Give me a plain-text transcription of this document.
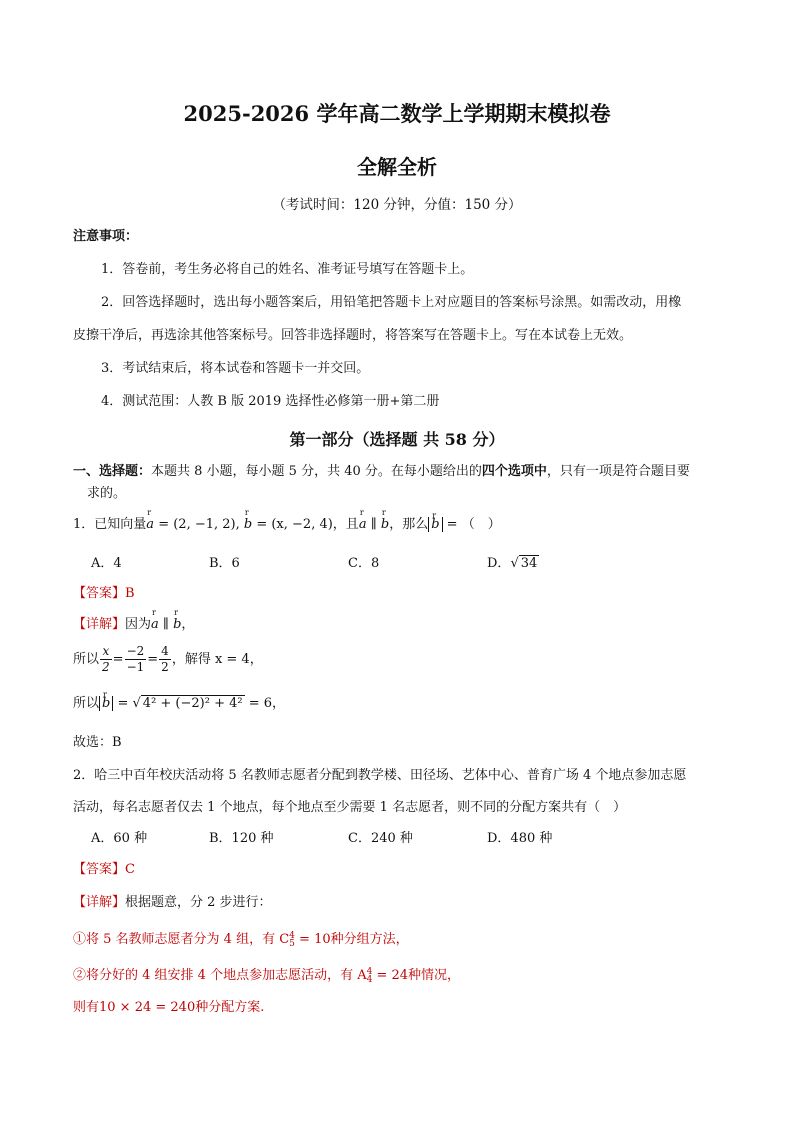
2025-2026 学年高二数学上学期期末模拟卷
全解全析
（考试时间：120 分钟，分值：150 分）
注意事项：
1．答卷前，考生务必将自己的姓名、准考证号填写在答题卡上。
2．回答选择题时，选出每小题答案后，用铅笔把答题卡上对应题目的答案标号涂黑。如需改动，用橡
皮擦干净后，再选涂其他答案标号。回答非选择题时，将答案写在答题卡上。写在本试卷上无效。
3．考试结束后，将本试卷和答题卡一并交回。
4．测试范围：人教 B 版 2019 选择性必修第一册+第二册
第一部分（选择题 共 58 分）
一、选择题：本题共 8 小题，每小题 5 分，共 40 分。在每小题给出的四个选项中，只有一项是符合题目要
求的。
1．已知向量r a = (2, −1, 2), r b = (x, −2, 4)，且r a ∥ r b，那么 r b = （　）
A．4	B．6	C．8	D．√ 34
【答案】B
【详解】因为r a ∥ r b，
所以 $\frac{x}{2} = \frac{-2}{-1} = \frac{4}{2}$ ，解得 x = 4，
所以 r b = √ 4² + (−2)² + 4² = 6，
故选：B
2．哈三中百年校庆活动将 5 名教师志愿者分配到教学楼、田径场、艺体中心、普育广场 4 个地点参加志愿
活动，每名志愿者仅去 1 个地点，每个地点至少需要 1 名志愿者，则不同的分配方案共有（　）
A．60 种	B．120 种	C．240 种	D．480 种
【答案】C
【详解】根据题意，分 2 步进行：
①将 5 名教师志愿者分为 4 组，有 C 4
5 = 10种分组方法，
②将分好的 4 组安排 4 个地点参加志愿活动，有 A 4
4 = 24种情况，
则有10 × 24 = 240种分配方案.
